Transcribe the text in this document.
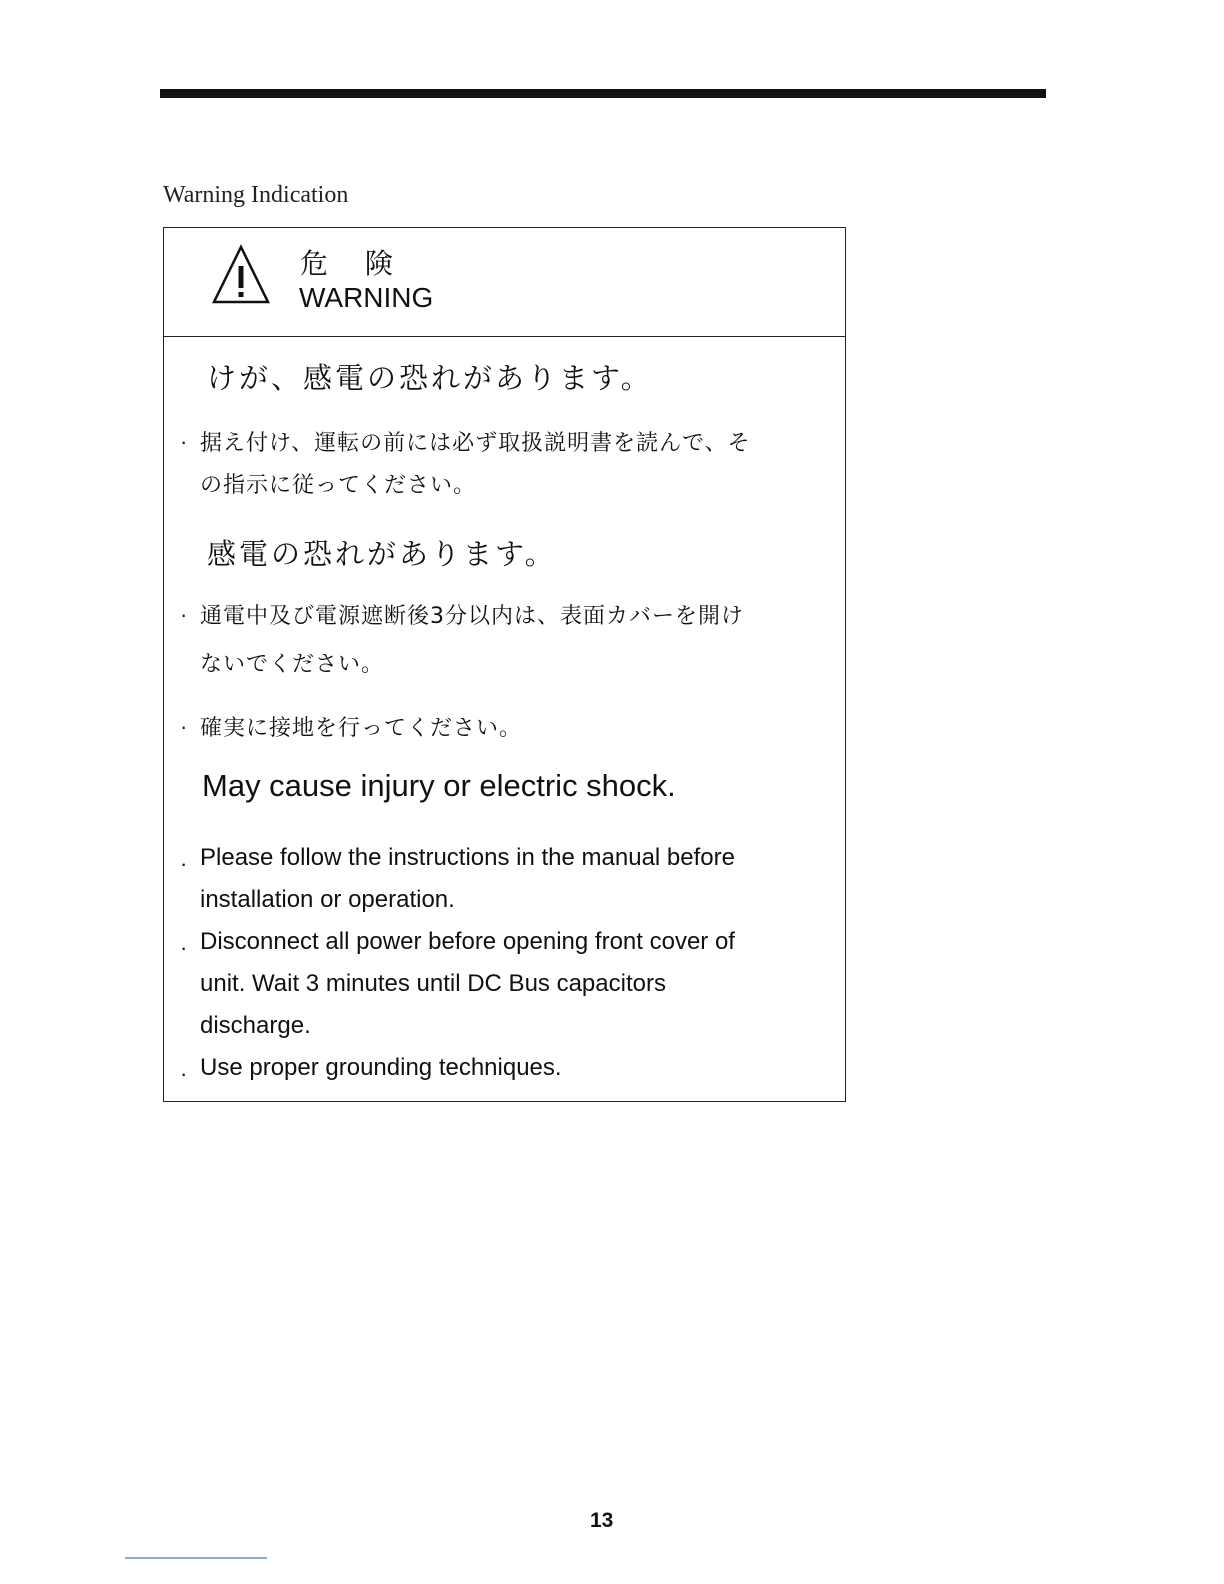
Warning Indication
危 険
WARNING
けが、感電の恐れがあります。
· 据え付け、運転の前には必ず取扱説明書を読んで、そ
の指示に従ってください。
感電の恐れがあります。
· 通電中及び電源遮断後3分以内は、表面カバーを開け
ないでください。
· 確実に接地を行ってください。
May cause injury or electric shock.
· Please follow the instructions in the manual before
installation or operation.
· Disconnect all power before opening front cover of
unit. Wait 3 minutes until DC Bus capacitors
discharge.
· Use proper grounding techniques.
13
